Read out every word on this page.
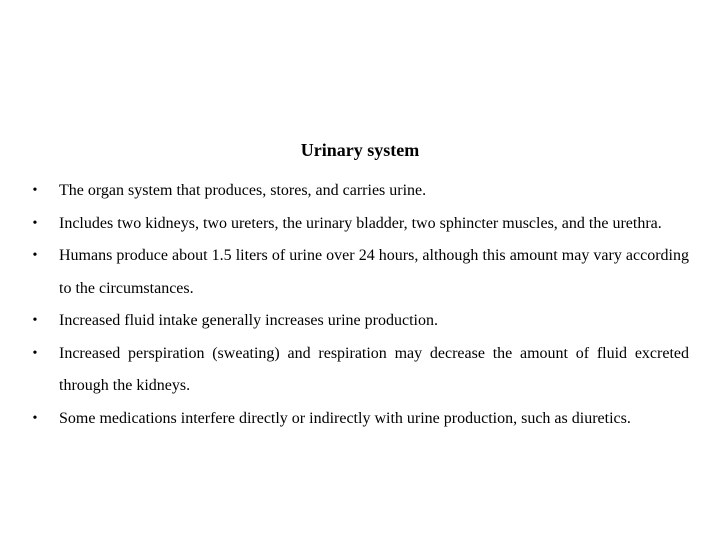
Urinary system
• The organ system that produces, stores, and carries urine.
• Includes two kidneys, two ureters, the urinary bladder, two sphincter muscles, and the urethra.
• Humans produce about 1.5 liters of urine over 24 hours, although this amount may vary according to the circumstances.
• Increased fluid intake generally increases urine production.
• Increased perspiration (sweating) and respiration may decrease the amount of fluid excreted through the kidneys.
• Some medications interfere directly or indirectly with urine production, such as diuretics.
